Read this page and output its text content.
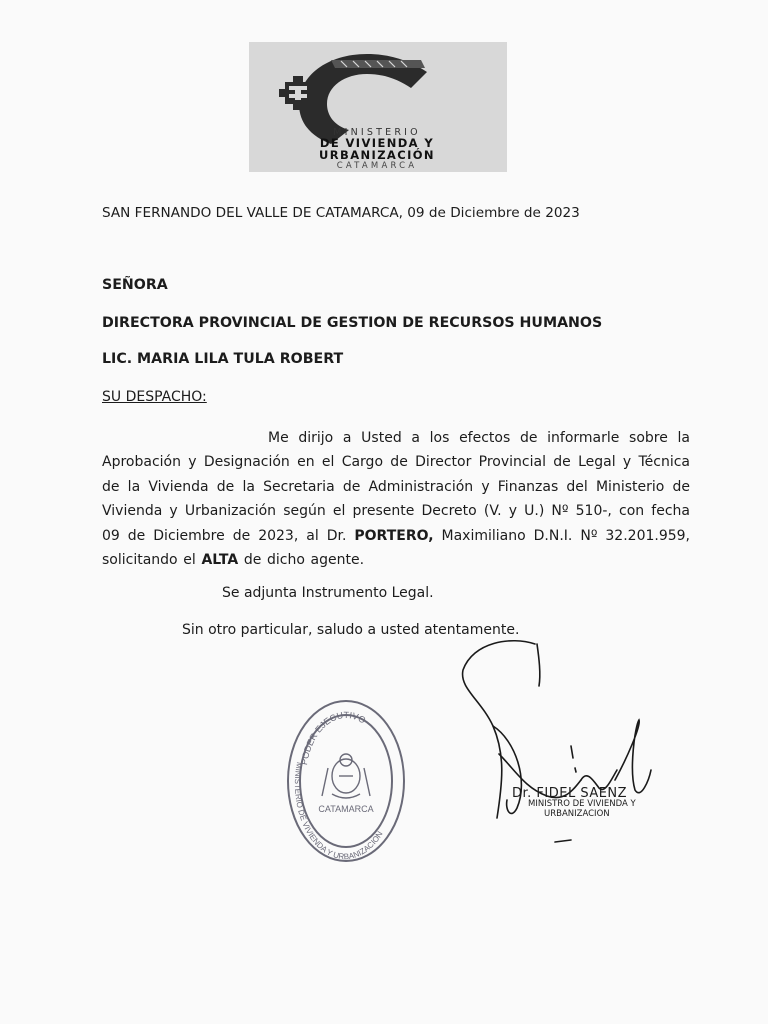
MINISTERIO
DE VIVIENDA Y
URBANIZACIÓN
CATAMARCA
SAN FERNANDO DEL VALLE DE CATAMARCA, 09 de Diciembre de 2023
SEÑORA
DIRECTORA PROVINCIAL DE GESTION DE RECURSOS HUMANOS
LIC. MARIA LILA TULA ROBERT
SU DESPACHO:
Me dirijo a Usted a los efectos de informarle sobre la Aprobación y Designación en el Cargo de Director Provincial de Legal y Técnica de la Vivienda de la Secretaria de Administración y Finanzas del Ministerio de Vivienda y Urbanización según el presente Decreto (V. y U.) Nº 510-, con fecha 09 de Diciembre de 2023, al Dr. PORTERO, Maximiliano D.N.I. Nº 32.201.959, solicitando el ALTA de dicho agente.
Se adjunta Instrumento Legal.
Sin otro particular, saludo a usted atentamente.
PODER EJECUTIVO
MINISTERIO DE VIVIENDA Y URBANIZACION
CATAMARCA
Dr. FIDEL SAENZ
MINISTRO DE VIVIENDA Y
URBANIZACION
